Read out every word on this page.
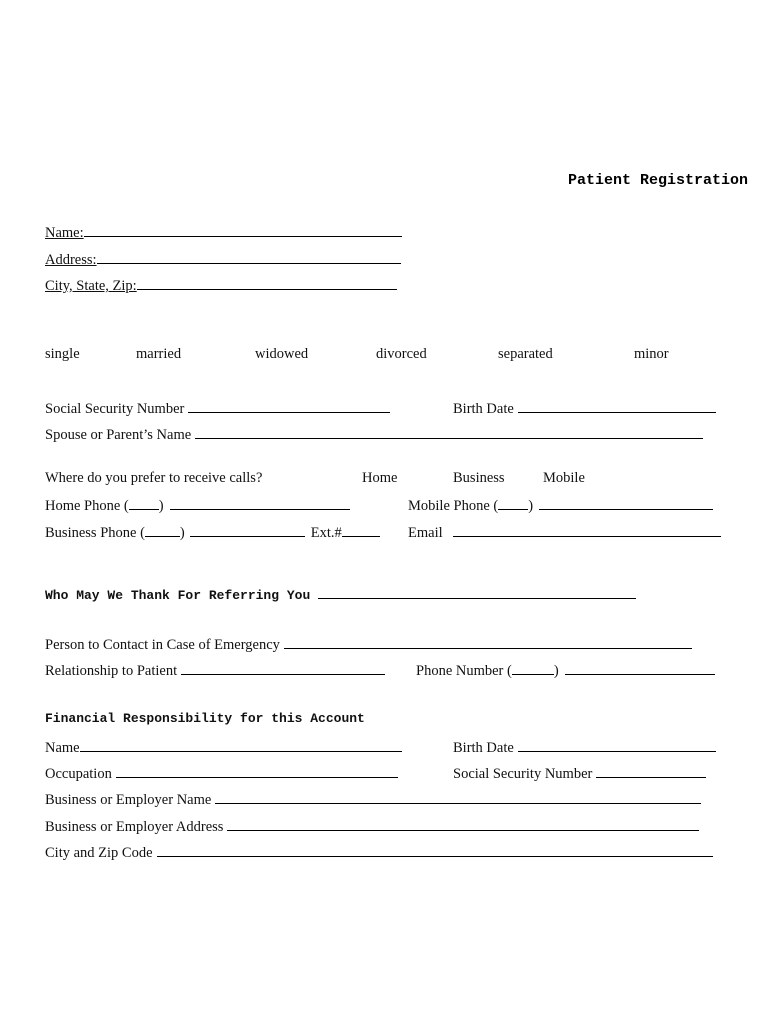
Patient Registration
Name:
Address:
City, State, Zip:
single	married	widowed	divorced	separated	minor
Social Security Number	Birth Date
Spouse or Parent’s Name
Where do you prefer to receive calls?	Home	Business	Mobile
Home Phone ( )	Mobile Phone ( )
Business Phone ( )	Ext.#	Email
Who May We Thank For Referring You
Person to Contact in Case of Emergency
Relationship to Patient	Phone Number (	)
Financial Responsibility for this Account
Name	Birth Date
Occupation	Social Security Number
Business or Employer Name
Business or Employer Address
City and Zip Code
